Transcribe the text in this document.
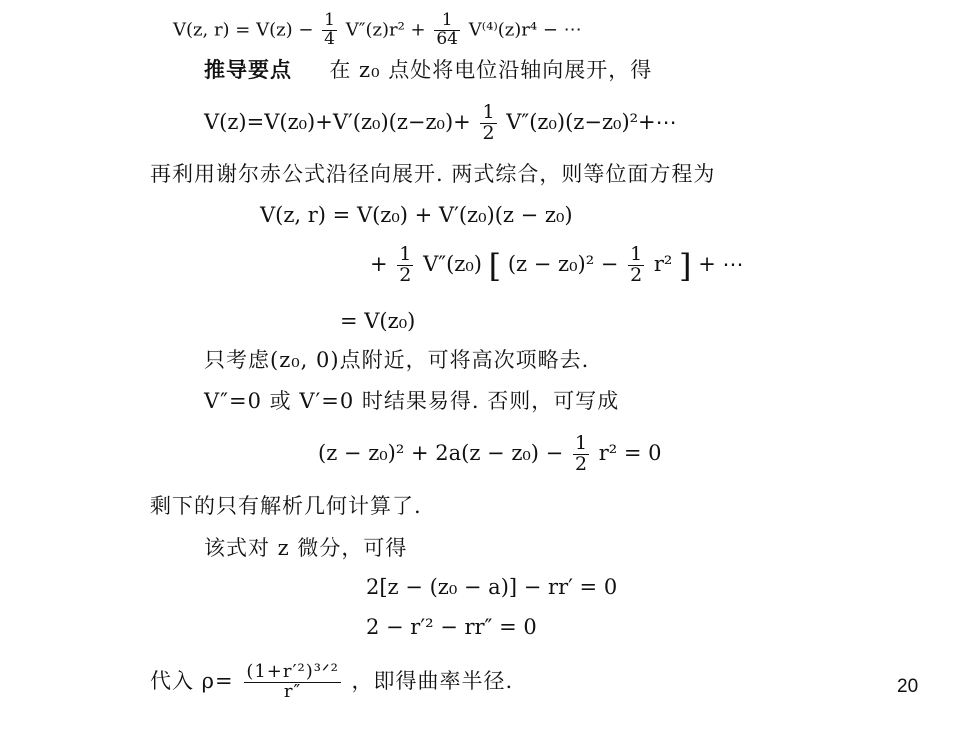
V(z, $r) = V(z) - \frac{1}{4} V''(z)r^2 + \frac{1}{64} V^{(4)}(z)r^4$ − ⋯
推导要点 在 z₀ 点处将电位沿轴向展开，得
$V(z)=V(z_0)+V'(z_0)(z-z_0)+ \frac{1}{2}$ V″(z₀)(z−z₀)²+⋯
再利用谢尔赤公式沿径向展开. 两式综合，则等位面方程为
V(z, r) = V(z₀) + V′(z₀)(z − z₀)
+ $\frac{1}{2} V''(z_0)$ [ $(z - z_0)^2 - \frac{1}{2} r^2$ ] + ⋯
= V(z₀)
只考虑(z₀, 0)点附近，可将高次项略去.
V″=0 或 V′=0 时结果易得. 否则，可写成
$(z - z_0)^2 + 2a(z - z_0) - \frac{1}{2} r^2 = 0$
剩下的只有解析几何计算了.
该式对 z 微分，可得
2[z − (z₀ − a)] − rr′ = 0
2 − r′² − rr″ = 0
代入 $\rho= \frac{\text{(1+r′²)³ᐟ²}}{r''}$ ，即得曲率半径.	20
